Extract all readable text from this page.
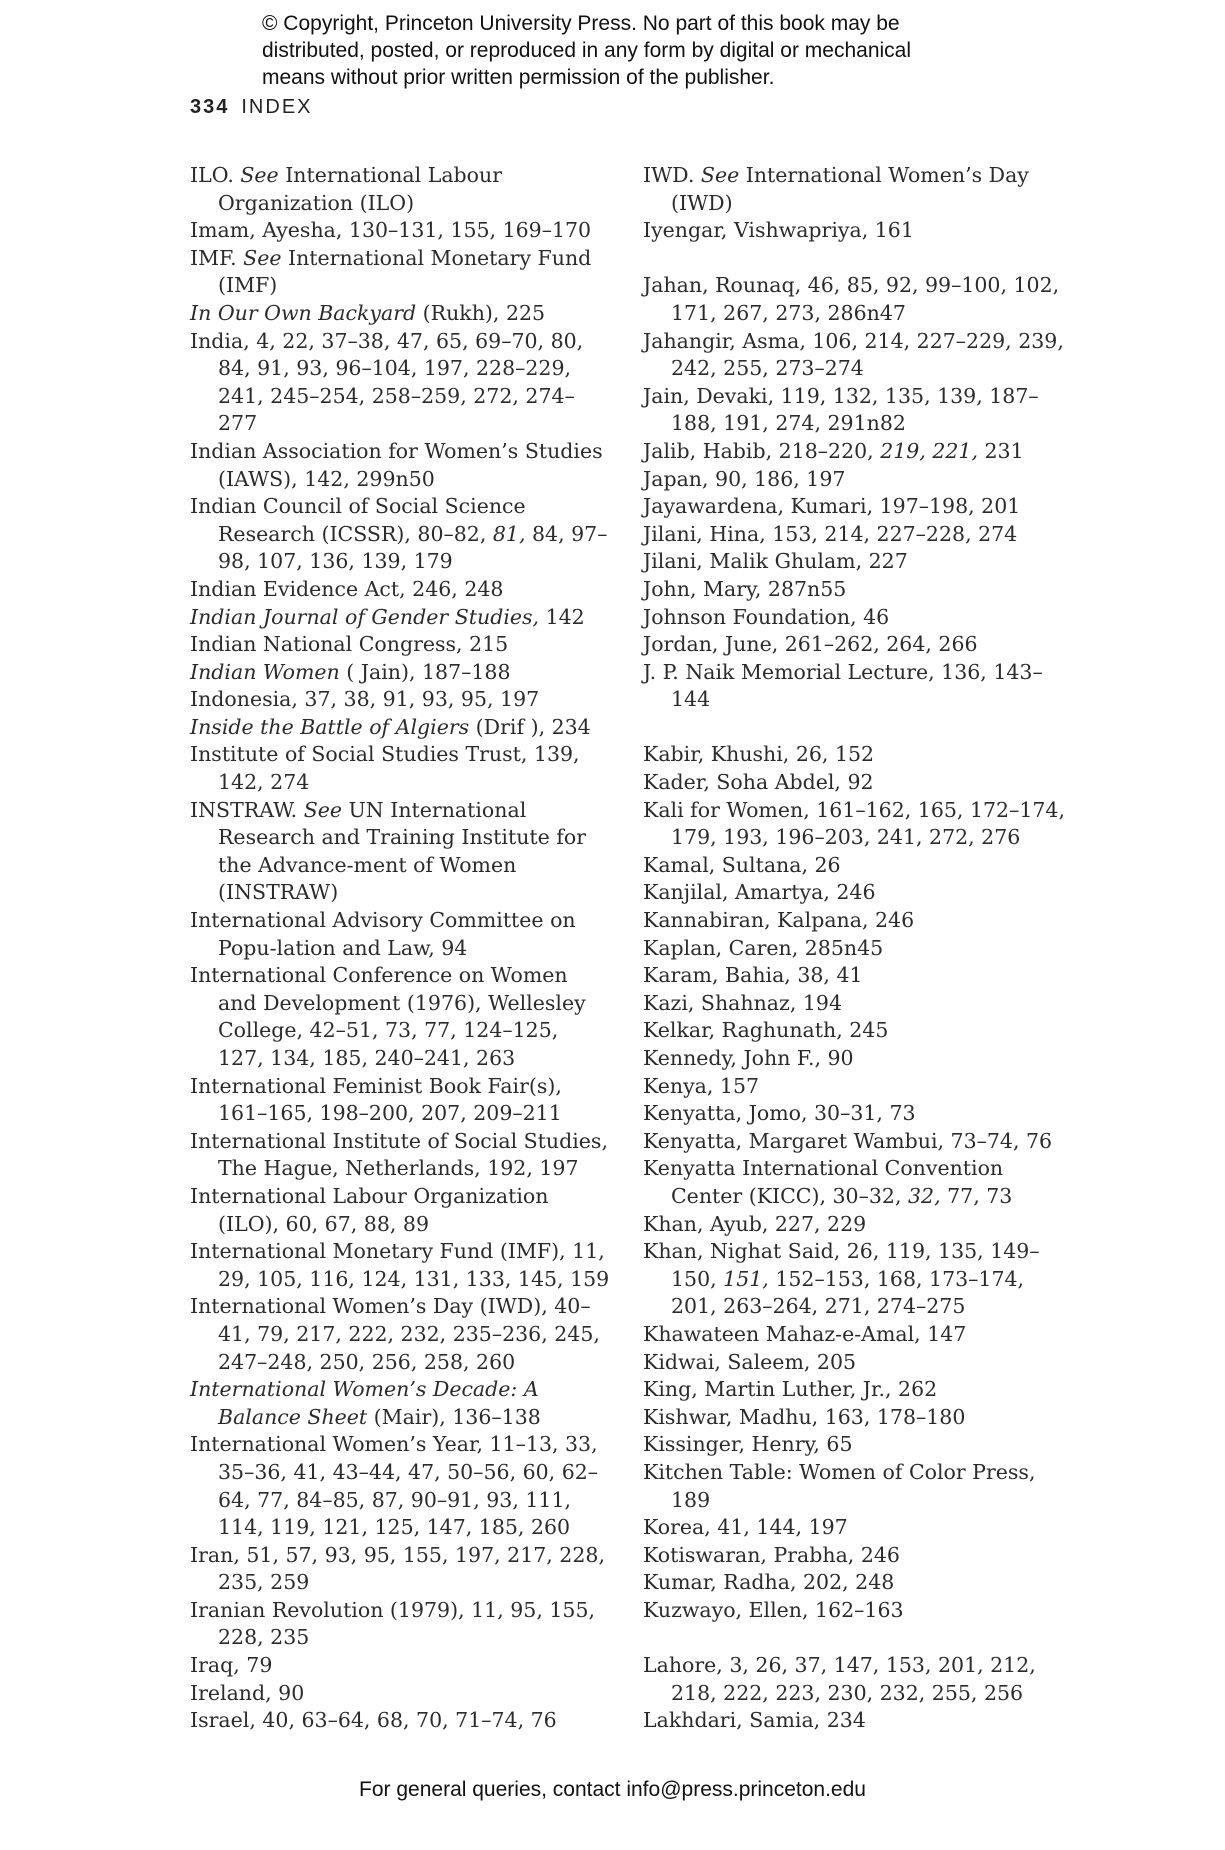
© Copyright, Princeton University Press. No part of this book may be
distributed, posted, or reproduced in any form by digital or mechanical
means without prior written permission of the publisher.
334 INDEX
ILO. See International Labour Organization (ILO)
Imam, Ayesha, 130–131, 155, 169–170
IMF. See International Monetary Fund (IMF)
In Our Own Backyard (Rukh), 225
India, 4, 22, 37–38, 47, 65, 69–70, 80, 84, 91, 93, 96–104, 197, 228–229, 241, 245–254, 258–259, 272, 274–277
Indian Association for Women’s Studies (IAWS), 142, 299n50
Indian Council of Social Science Research (ICSSR), 80–82, 81, 84, 97–98, 107, 136, 139, 179
Indian Evidence Act, 246, 248
Indian Journal of Gender Studies, 142
Indian National Congress, 215
Indian Women ( Jain), 187–188
Indonesia, 37, 38, 91, 93, 95, 197
Inside the Battle of Algiers (Drif ), 234
Institute of Social Studies Trust, 139, 142, 274
INSTRAW. See UN International Research and Training Institute for the Advance-ment of Women (INSTRAW)
International Advisory Committee on Popu-lation and Law, 94
International Conference on Women and Development (1976), Wellesley College, 42–51, 73, 77, 124–125, 127, 134, 185, 240–241, 263
International Feminist Book Fair(s), 161–165, 198–200, 207, 209–211
International Institute of Social Studies, The Hague, Netherlands, 192, 197
International Labour Organization (ILO), 60, 67, 88, 89
International Monetary Fund (IMF), 11, 29, 105, 116, 124, 131, 133, 145, 159
International Women’s Day (IWD), 40–41, 79, 217, 222, 232, 235–236, 245, 247–248, 250, 256, 258, 260
International Women’s Decade: A Balance Sheet (Mair), 136–138
International Women’s Year, 11–13, 33, 35–36, 41, 43–44, 47, 50–56, 60, 62–64, 77, 84–85, 87, 90–91, 93, 111, 114, 119, 121, 125, 147, 185, 260
Iran, 51, 57, 93, 95, 155, 197, 217, 228, 235, 259
Iranian Revolution (1979), 11, 95, 155, 228, 235
Iraq, 79
Ireland, 90
Israel, 40, 63–64, 68, 70, 71–74, 76
IWD. See International Women’s Day (IWD)
Iyengar, Vishwapriya, 161
Jahan, Rounaq, 46, 85, 92, 99–100, 102, 171, 267, 273, 286n47
Jahangir, Asma, 106, 214, 227–229, 239, 242, 255, 273–274
Jain, Devaki, 119, 132, 135, 139, 187–188, 191, 274, 291n82
Jalib, Habib, 218–220, 219, 221, 231
Japan, 90, 186, 197
Jayawardena, Kumari, 197–198, 201
Jilani, Hina, 153, 214, 227–228, 274
Jilani, Malik Ghulam, 227
John, Mary, 287n55
Johnson Foundation, 46
Jordan, June, 261–262, 264, 266
J. P. Naik Memorial Lecture, 136, 143–144
Kabir, Khushi, 26, 152
Kader, Soha Abdel, 92
Kali for Women, 161–162, 165, 172–174, 179, 193, 196–203, 241, 272, 276
Kamal, Sultana, 26
Kanjilal, Amartya, 246
Kannabiran, Kalpana, 246
Kaplan, Caren, 285n45
Karam, Bahia, 38, 41
Kazi, Shahnaz, 194
Kelkar, Raghunath, 245
Kennedy, John F., 90
Kenya, 157
Kenyatta, Jomo, 30–31, 73
Kenyatta, Margaret Wambui, 73–74, 76
Kenyatta International Convention Center (KICC), 30–32, 32, 77, 73
Khan, Ayub, 227, 229
Khan, Nighat Said, 26, 119, 135, 149–150, 151, 152–153, 168, 173–174, 201, 263–264, 271, 274–275
Khawateen Mahaz-e-Amal, 147
Kidwai, Saleem, 205
King, Martin Luther, Jr., 262
Kishwar, Madhu, 163, 178–180
Kissinger, Henry, 65
Kitchen Table: Women of Color Press, 189
Korea, 41, 144, 197
Kotiswaran, Prabha, 246
Kumar, Radha, 202, 248
Kuzwayo, Ellen, 162–163
Lahore, 3, 26, 37, 147, 153, 201, 212, 218, 222, 223, 230, 232, 255, 256
Lakhdari, Samia, 234
For general queries, contact info@press.princeton.edu
